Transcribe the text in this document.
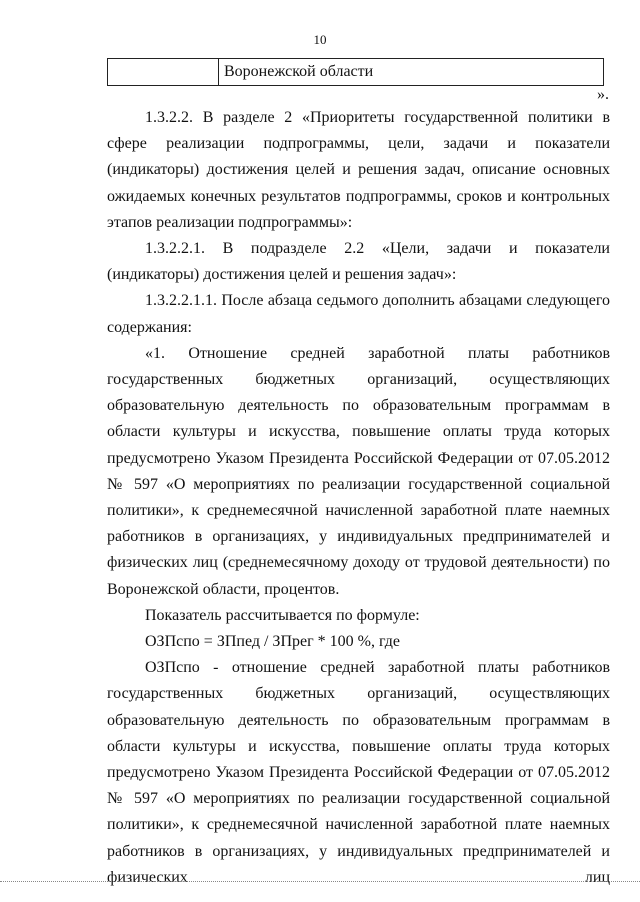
10
Воронежской области
».

1.3.2.2. В разделе 2 «Приоритеты государственной политики в сфере реализации подпрограммы, цели, задачи и показатели (индикаторы) достижения целей и решения задач, описание основных ожидаемых конечных результатов подпрограммы, сроков и контрольных этапов реализации подпрограммы»:

1.3.2.2.1. В подразделе 2.2 «Цели, задачи и показатели (индикаторы) достижения целей и решения задач»:

1.3.2.2.1.1. После абзаца седьмого дополнить абзацами следующего содержания:

«1. Отношение средней заработной платы работников государственных бюджетных организаций, осуществляющих образовательную деятельность по образовательным программам в области культуры и искусства, повышение оплаты труда которых предусмотрено Указом Президента Российской Федерации от 07.05.2012 № 597 «О мероприятиях по реализации государственной социальной политики», к среднемесячной начисленной заработной плате наемных работников в организациях, у индивидуальных предпринимателей и физических лиц (среднемесячному доходу от трудовой деятельности) по Воронежской области, процентов.

Показатель рассчитывается по формуле:

ОЗПспо = ЗПпед / ЗПрег * 100 %, где

ОЗПспо - отношение средней заработной платы работников государственных бюджетных организаций, осуществляющих образовательную деятельность по образовательным программам в области культуры и искусства, повышение оплаты труда которых предусмотрено Указом Президента Российской Федерации от 07.05.2012 № 597 «О мероприятиях по реализации государственной социальной политики», к среднемесячной начисленной заработной плате наемных работников в организациях, у индивидуальных предпринимателей и физических лиц
